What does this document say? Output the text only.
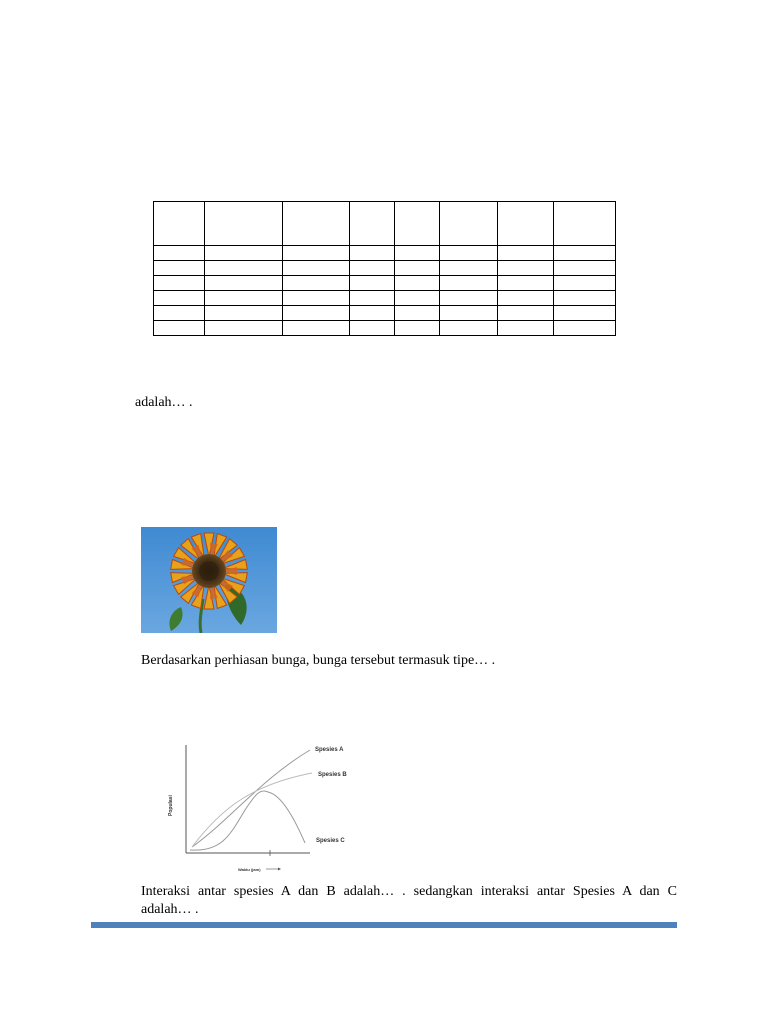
adalah… .
Berdasarkan perhiasan bunga, bunga tersebut termasuk tipe… .
Spesies A
Spesies B
Spesies C
Populasi
Waktu (jam)
Interaksi antar spesies A dan B adalah… . sedangkan interaksi antar Spesies A dan C
adalah… .
